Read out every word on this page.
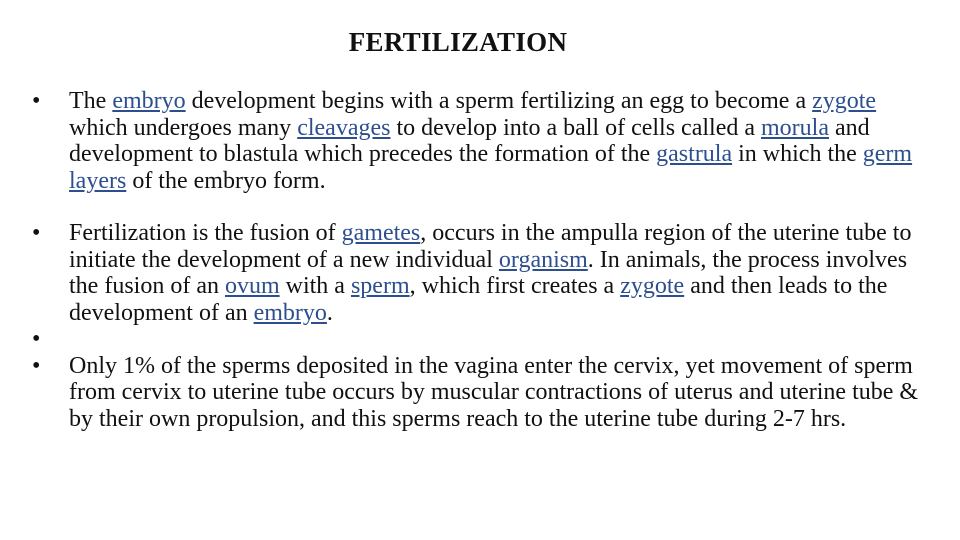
FERTILIZATION
•	The embryo development begins with a sperm fertilizing an egg to become a zygote which undergoes many cleavages to develop into a ball of cells called a morula and development to blastula which precedes the formation of the gastrula in which the germ layers of the embryo form.
•	Fertilization is the fusion of gametes, occurs in the ampulla region of the uterine tube to initiate the development of a new individual organism. In animals, the process involves the fusion of an ovum with a sperm, which first creates a zygote and then leads to the development of an embryo.
•
•	Only 1% of the sperms deposited in the vagina enter the cervix, yet movement of sperm from cervix to uterine tube occurs by muscular contractions of uterus and uterine tube & by their own propulsion, and this sperms reach to the uterine tube during 2-7 hrs.
